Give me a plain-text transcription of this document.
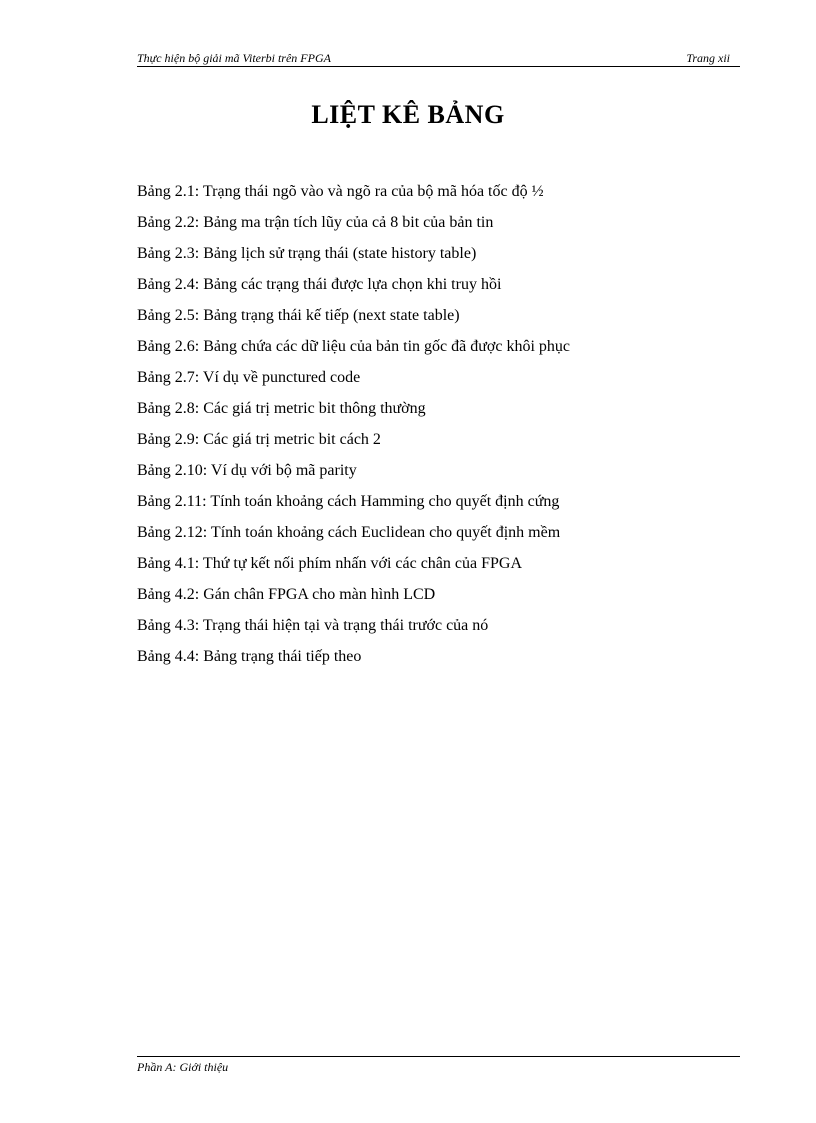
Thực hiện bộ giải mã Viterbi trên FPGA	Trang xii
LIỆT KÊ BẢNG
Bảng 2.1: Trạng thái ngõ vào và ngõ ra của bộ mã hóa tốc độ ½
Bảng 2.2: Bảng ma trận tích lũy của cả 8 bit của bản tin
Bảng 2.3: Bảng lịch sử trạng thái (state history table)
Bảng 2.4: Bảng các trạng thái được lựa chọn khi truy hồi
Bảng 2.5: Bảng trạng thái kế tiếp (next state table)
Bảng 2.6: Bảng chứa các dữ liệu của bản tin gốc đã được khôi phục
Bảng 2.7: Ví dụ về punctured code
Bảng 2.8: Các giá trị metric bit thông thường
Bảng 2.9: Các giá trị metric bit cách 2
Bảng 2.10: Ví dụ với bộ mã parity
Bảng 2.11: Tính toán khoảng cách Hamming cho quyết định cứng
Bảng 2.12: Tính toán khoảng cách Euclidean cho quyết định mềm
Bảng 4.1: Thứ tự kết nối phím nhấn với các chân của FPGA
Bảng 4.2: Gán chân FPGA cho màn hình LCD
Bảng 4.3: Trạng thái hiện tại và trạng thái trước của nó
Bảng 4.4: Bảng trạng thái tiếp theo
Phần A: Giới thiệu
